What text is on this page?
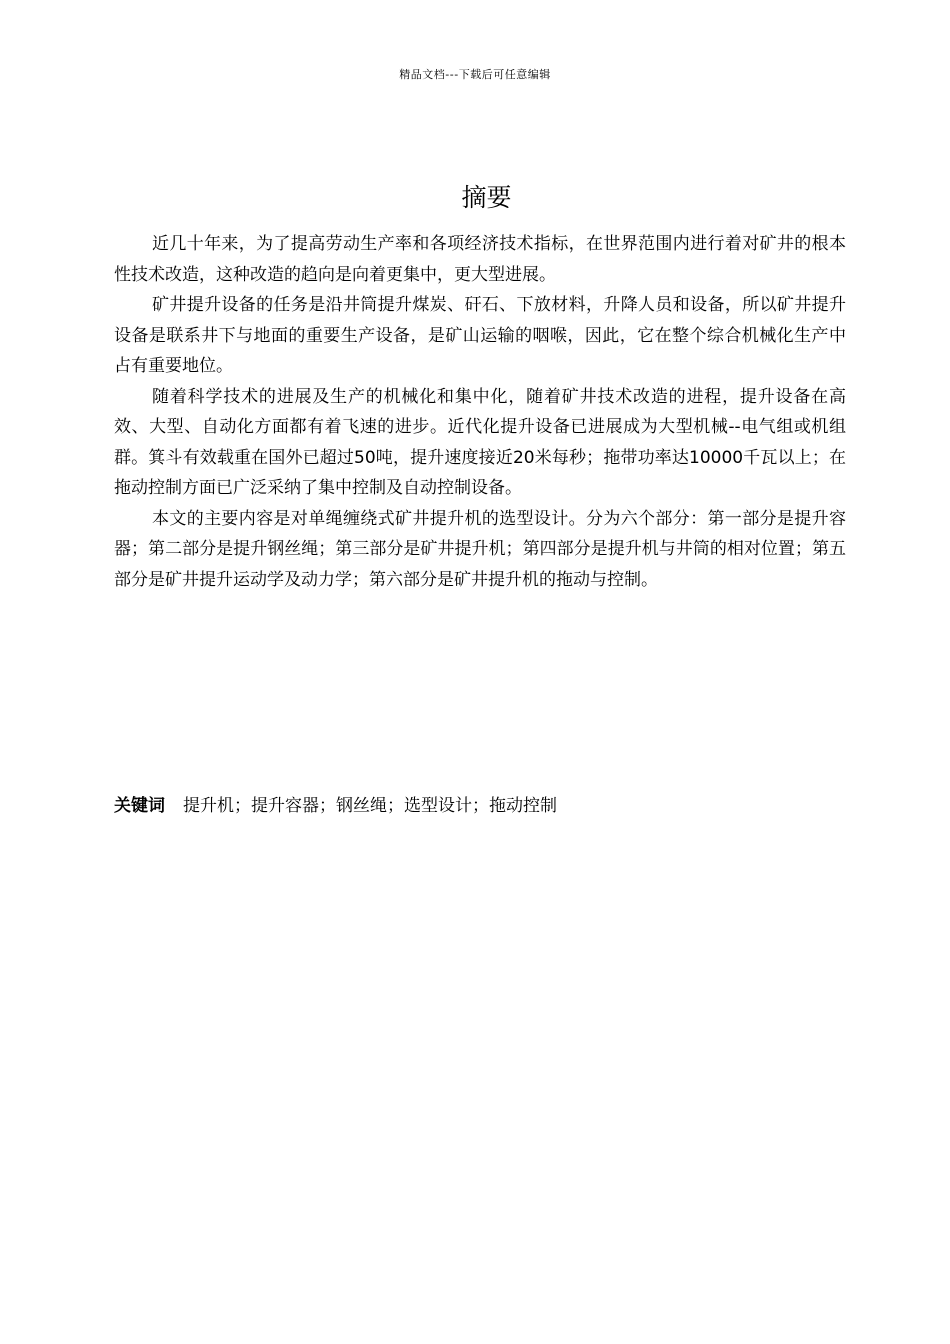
精品文档---下载后可任意编辑
摘要

近几十年来，为了提高劳动生产率和各项经济技术指标，在世界范围内进行着对矿井的根本性技术改造，这种改造的趋向是向着更集中，更大型进展。

矿井提升设备的任务是沿井筒提升煤炭、矸石、下放材料，升降人员和设备，所以矿井提升设备是联系井下与地面的重要生产设备，是矿山运输的咽喉，因此，它在整个综合机械化生产中 占有重要地位。

随着科学技术的进展及生产的机械化和集中化，随着矿井技术改造的进程，提升设备在高效、大型、自动化方面都有着飞速的进步。近代化提升设备已进展成为大型机械--电气组或机组群。箕斗有效载重在国外已超过50吨，提升速度接近20米每秒；拖带功率达10000千瓦以上；在拖动控制方面已广泛采纳了集中控制及自动控制设备。

本文的主要内容是对单绳缠绕式矿井提升机的选型设计。分为六个部分：第一部分是提升容器；第二部分是提升钢丝绳；第三部分是矿井提升机；第四部分是提升机与井筒的相对位置；第五部分是矿井提升运动学及动力学；第六部分是矿井提升机的拖动与控制。

关键词 提升机；提升容器；钢丝绳；选型设计；拖动控制
